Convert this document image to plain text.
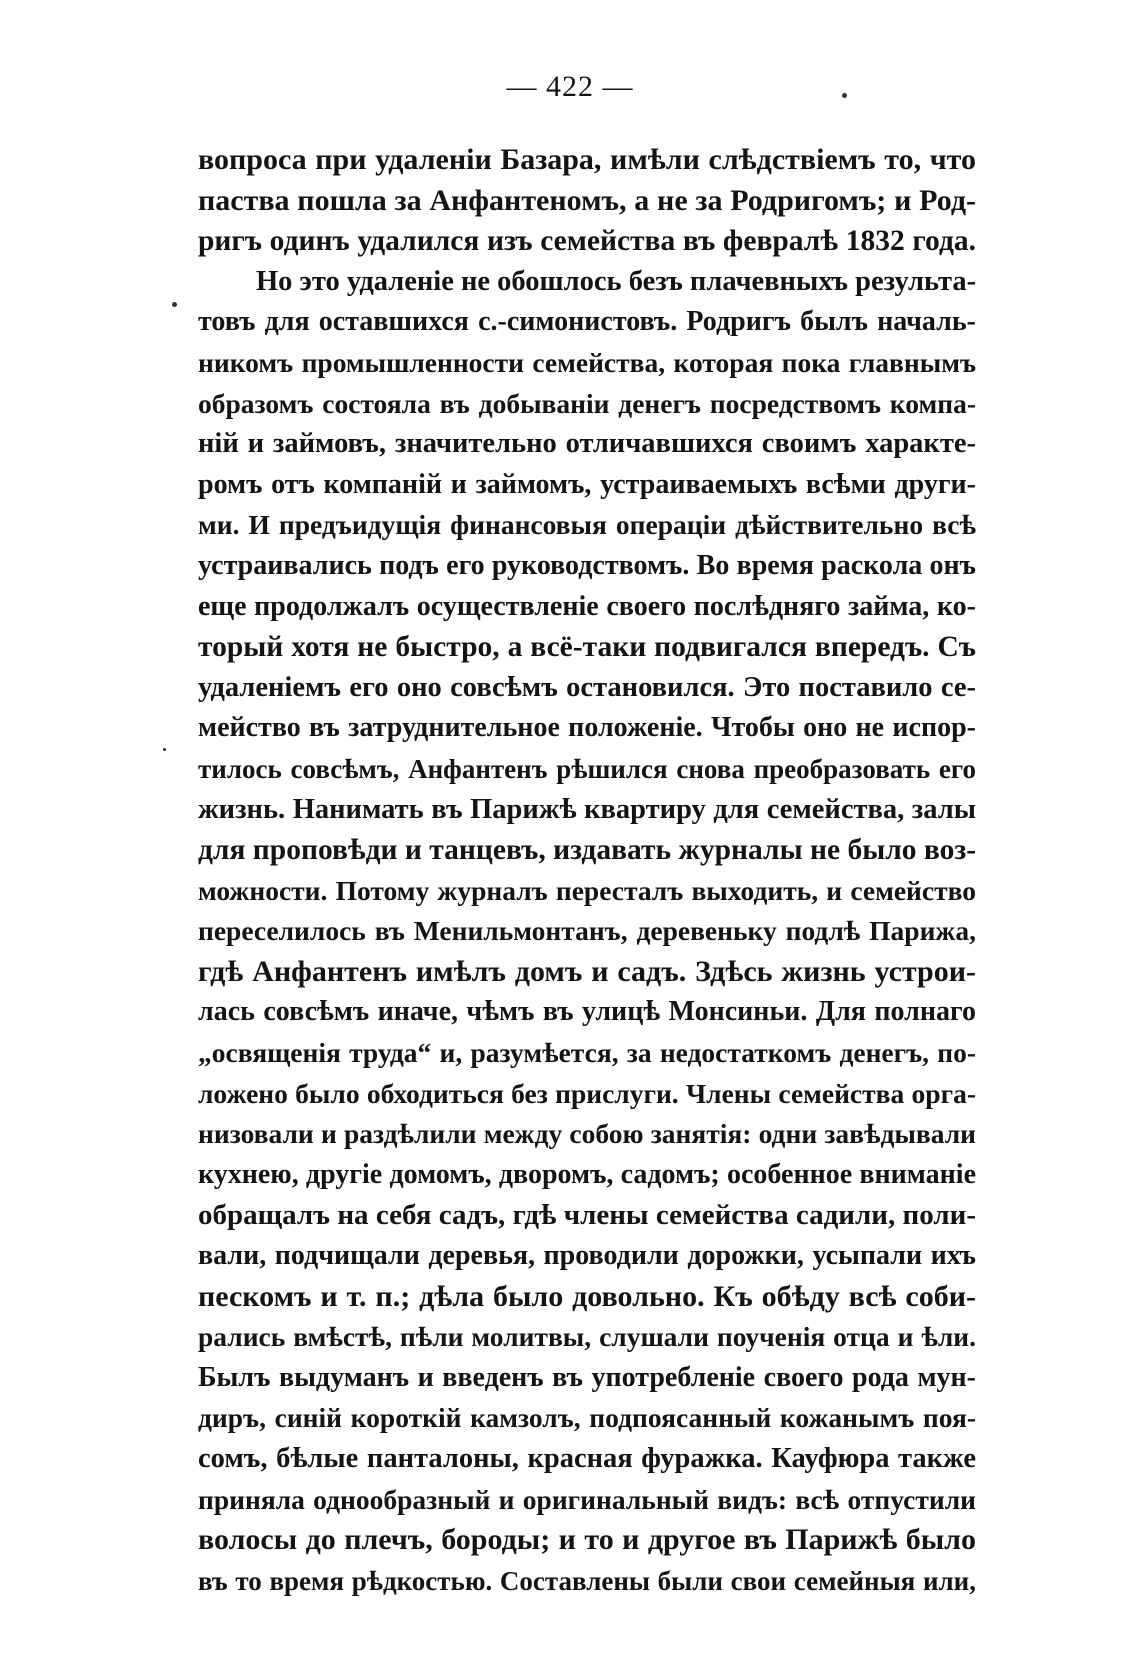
— 422 —
вопроса при удаленіи Базара, имѣли слѣдствіемъ то, что
паства пошла за Анфантеномъ, а не за Родригомъ; и Род-
ригъ одинъ удалился изъ семейства въ февралѣ 1832 года.
Но это удаленіе не обошлось безъ плачевныхъ результа-
товъ для оставшихся с.-симонистовъ. Родригъ былъ началь-
никомъ промышленности семейства, которая пока главнымъ
образомъ состояла въ добываніи денегъ посредствомъ компа-
ній и займовъ, значительно отличавшихся своимъ характе-
ромъ отъ компаній и займомъ, устраиваемыхъ всѣми други-
ми. И предъидущія финансовыя операціи дѣйствительно всѣ
устраивались подъ его руководствомъ. Во время раскола онъ
еще продолжалъ осуществленіе своего послѣдняго займа, ко-
торый хотя не быстро, а всё-таки подвигался впередъ. Съ
удаленіемъ его оно совсѣмъ остановился. Это поставило се-
мейство въ затруднительное положеніе. Чтобы оно не испор-
тилось совсѣмъ, Анфантенъ рѣшился снова преобразовать его
жизнь. Нанимать въ Парижѣ квартиру для семейства, залы
для проповѣди и танцевъ, издавать журналы не было воз-
можности. Потому журналъ пересталъ выходить, и семейство
переселилось въ Менильмонтанъ, деревеньку подлѣ Парижа,
гдѣ Анфантенъ имѣлъ домъ и садъ. Здѣсь жизнь устрои-
лась совсѣмъ иначе, чѣмъ въ улицѣ Монсиньи. Для полнаго
„освященія труда“ и, разумѣется, за недостаткомъ денегъ, по-
ложено было обходиться без прислуги. Члены семейства орга-
низовали и раздѣлили между собою занятія: одни завѣдывали
кухнею, другіе домомъ, дворомъ, садомъ; особенное вниманіе
обращалъ на себя садъ, гдѣ члены семейства садили, поли-
вали, подчищали деревья, проводили дорожки, усыпали ихъ
пескомъ и т. п.; дѣла было довольно. Къ обѣду всѣ соби-
рались вмѣстѣ, пѣли молитвы, слушали поученія отца и ѣли.
Былъ выдуманъ и введенъ въ употребленіе своего рода мун-
диръ, синій короткій камзолъ, подпоясанный кожанымъ поя-
сомъ, бѣлые панталоны, красная фуражка. Кауфюра также
приняла однообразный и оригинальный видъ: всѣ отпустили
волосы до плечъ, бороды; и то и другое въ Парижѣ было
въ то время рѣдкостью. Составлены были свои семейныя или,
